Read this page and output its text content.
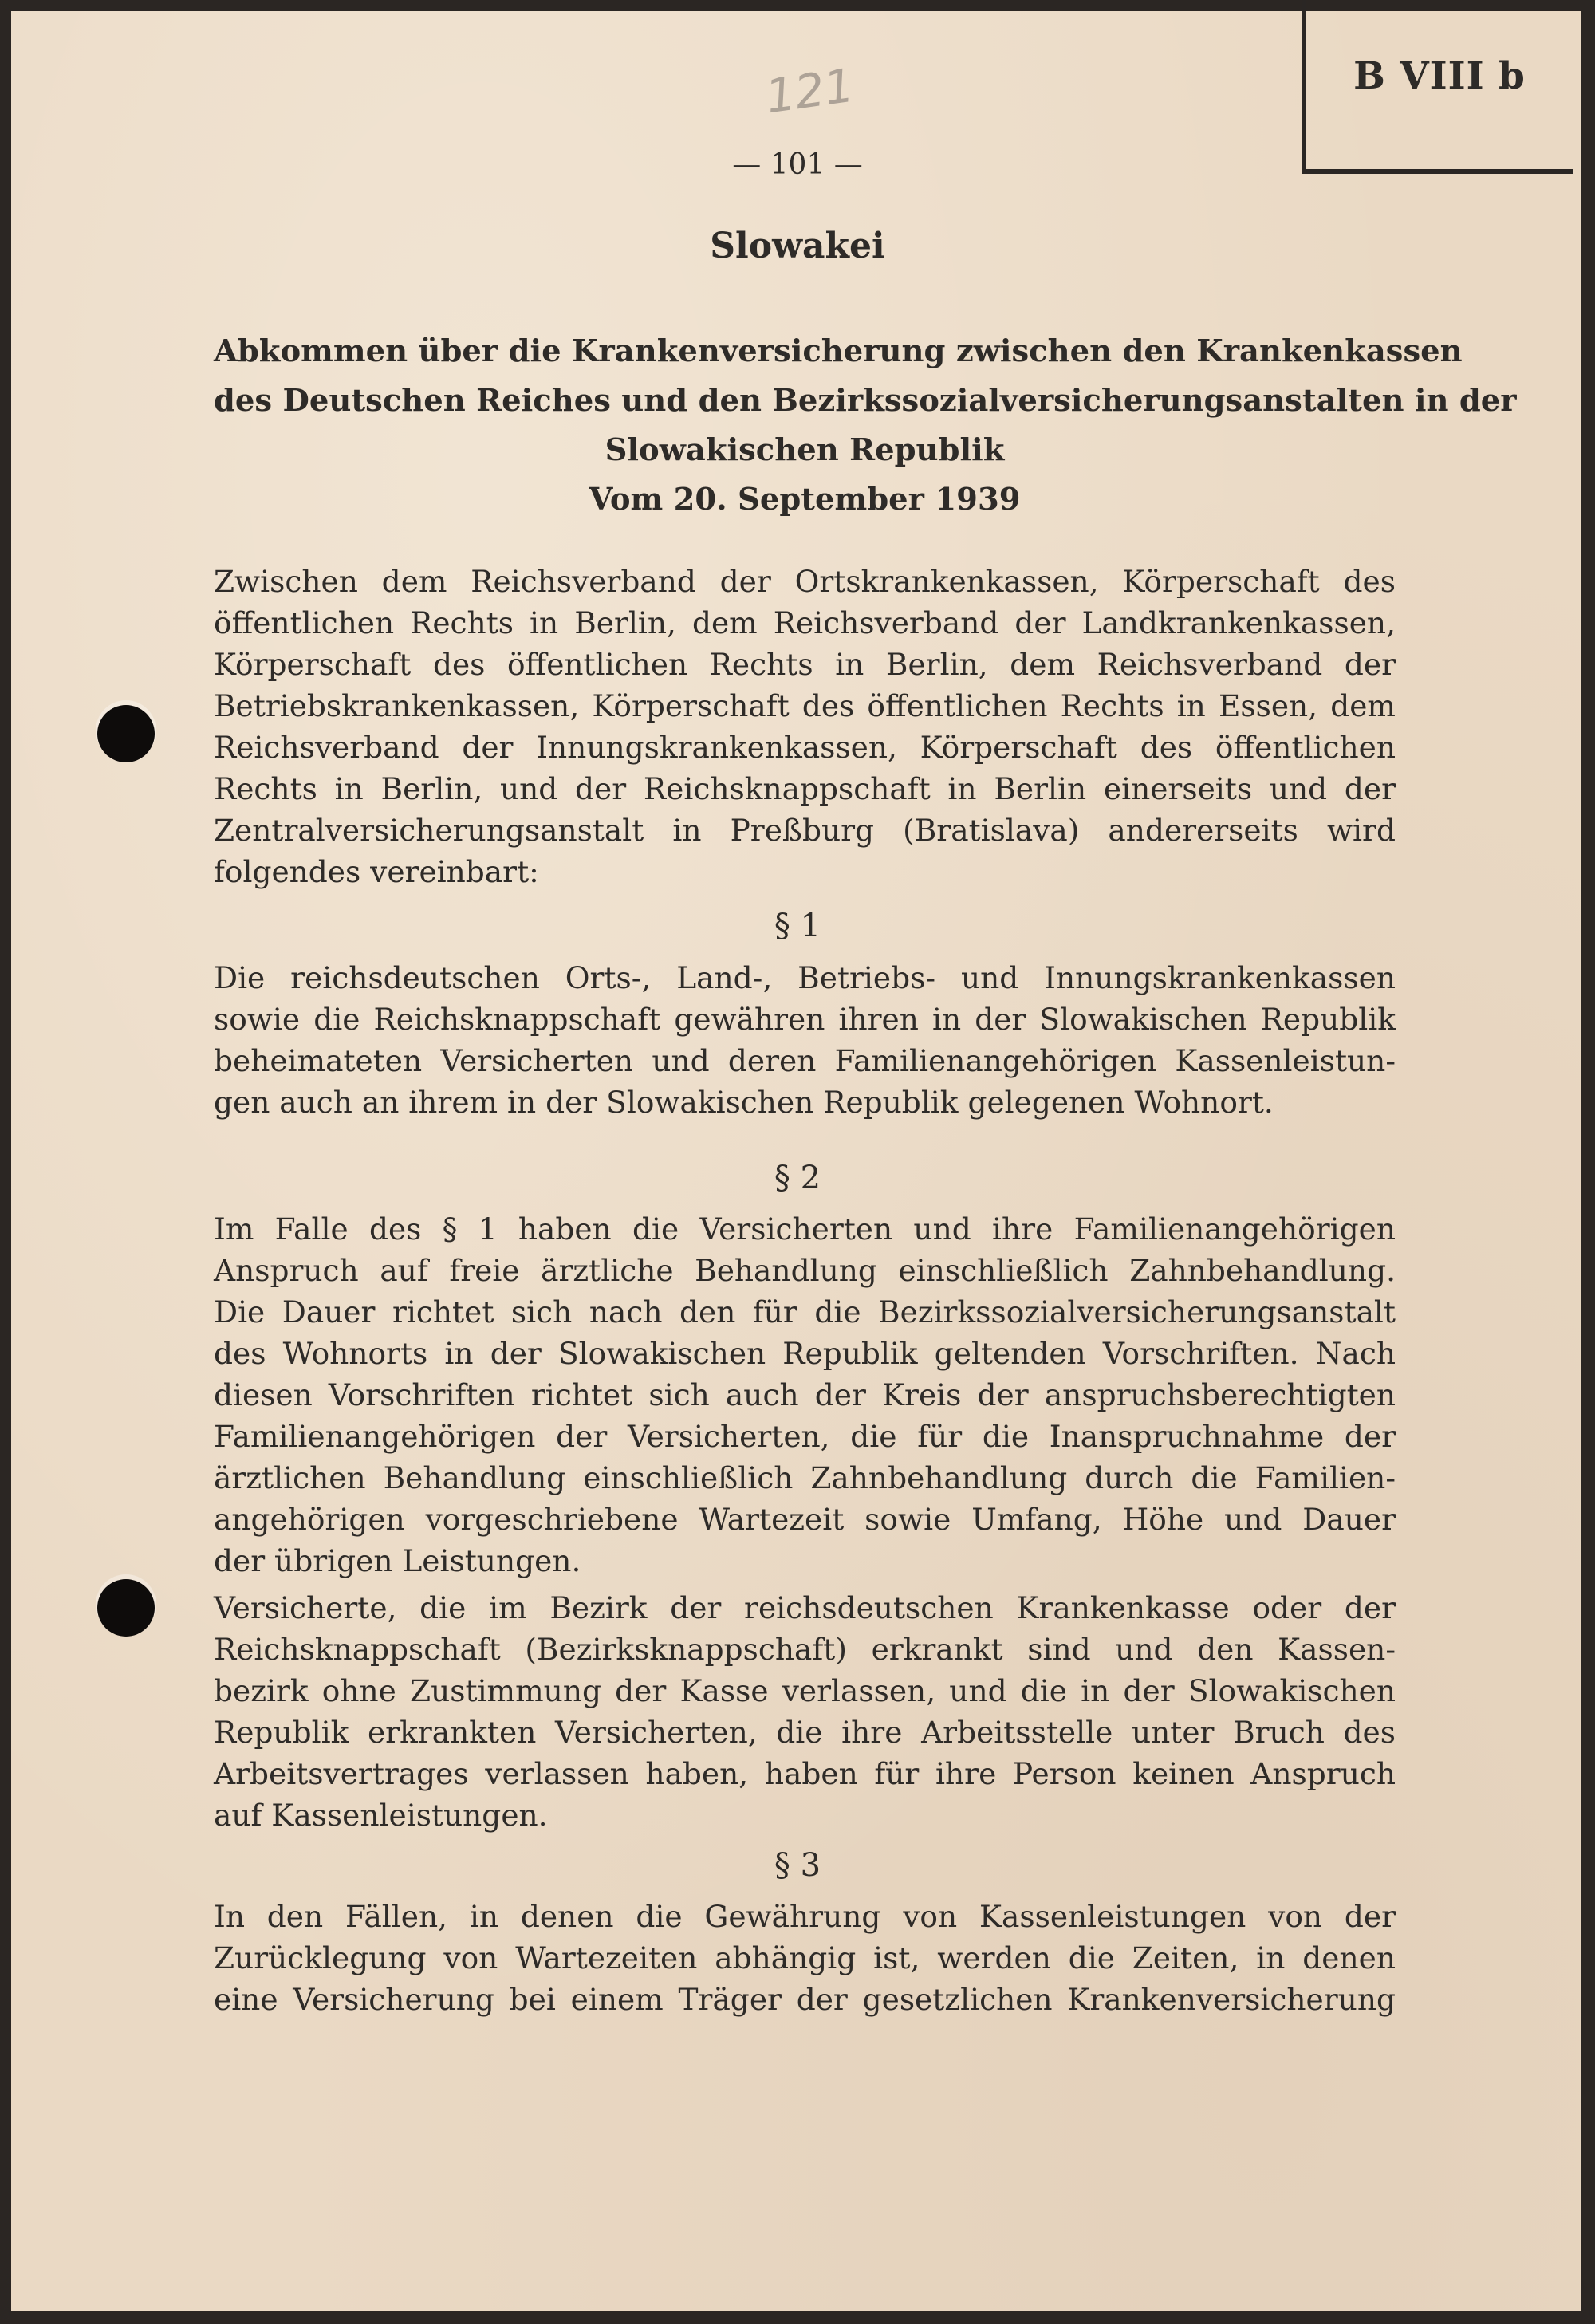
B VIII b
121
— 101 —
Slowakei
Abkommen über die Krankenversicherung zwischen den Krankenkassen
des Deutschen Reiches und den Bezirkssozialversicherungsanstalten in der
Slowakischen Republik
Vom 20. September 1939
Zwischen dem Reichsverband der Ortskrankenkassen, Körperschaft des
öffentlichen Rechts in Berlin, dem Reichsverband der Landkrankenkassen,
Körperschaft des öffentlichen Rechts in Berlin, dem Reichsverband der
Betriebskrankenkassen, Körperschaft des öffentlichen Rechts in Essen, dem
Reichsverband der Innungskrankenkassen, Körperschaft des öffentlichen
Rechts in Berlin, und der Reichsknappschaft in Berlin einerseits und der
Zentralversicherungsanstalt in Preßburg (Bratislava) andererseits wird
folgendes vereinbart:
§ 1
Die reichsdeutschen Orts-, Land-, Betriebs- und Innungskrankenkassen
sowie die Reichsknappschaft gewähren ihren in der Slowakischen Republik
beheimateten Versicherten und deren Familienangehörigen Kassenleistun-
gen auch an ihrem in der Slowakischen Republik gelegenen Wohnort.
§ 2
Im Falle des § 1 haben die Versicherten und ihre Familienangehörigen
Anspruch auf freie ärztliche Behandlung einschließlich Zahnbehandlung.
Die Dauer richtet sich nach den für die Bezirkssozialversicherungsanstalt
des Wohnorts in der Slowakischen Republik geltenden Vorschriften. Nach
diesen Vorschriften richtet sich auch der Kreis der anspruchsberechtigten
Familienangehörigen der Versicherten, die für die Inanspruchnahme der
ärztlichen Behandlung einschließlich Zahnbehandlung durch die Familien-
angehörigen vorgeschriebene Wartezeit sowie Umfang, Höhe und Dauer
der übrigen Leistungen.
Versicherte, die im Bezirk der reichsdeutschen Krankenkasse oder der
Reichsknappschaft (Bezirksknappschaft) erkrankt sind und den Kassen-
bezirk ohne Zustimmung der Kasse verlassen, und die in der Slowakischen
Republik erkrankten Versicherten, die ihre Arbeitsstelle unter Bruch des
Arbeitsvertrages verlassen haben, haben für ihre Person keinen Anspruch
auf Kassenleistungen.
§ 3
In den Fällen, in denen die Gewährung von Kassenleistungen von der
Zurücklegung von Wartezeiten abhängig ist, werden die Zeiten, in denen
eine Versicherung bei einem Träger der gesetzlichen Krankenversicherung
